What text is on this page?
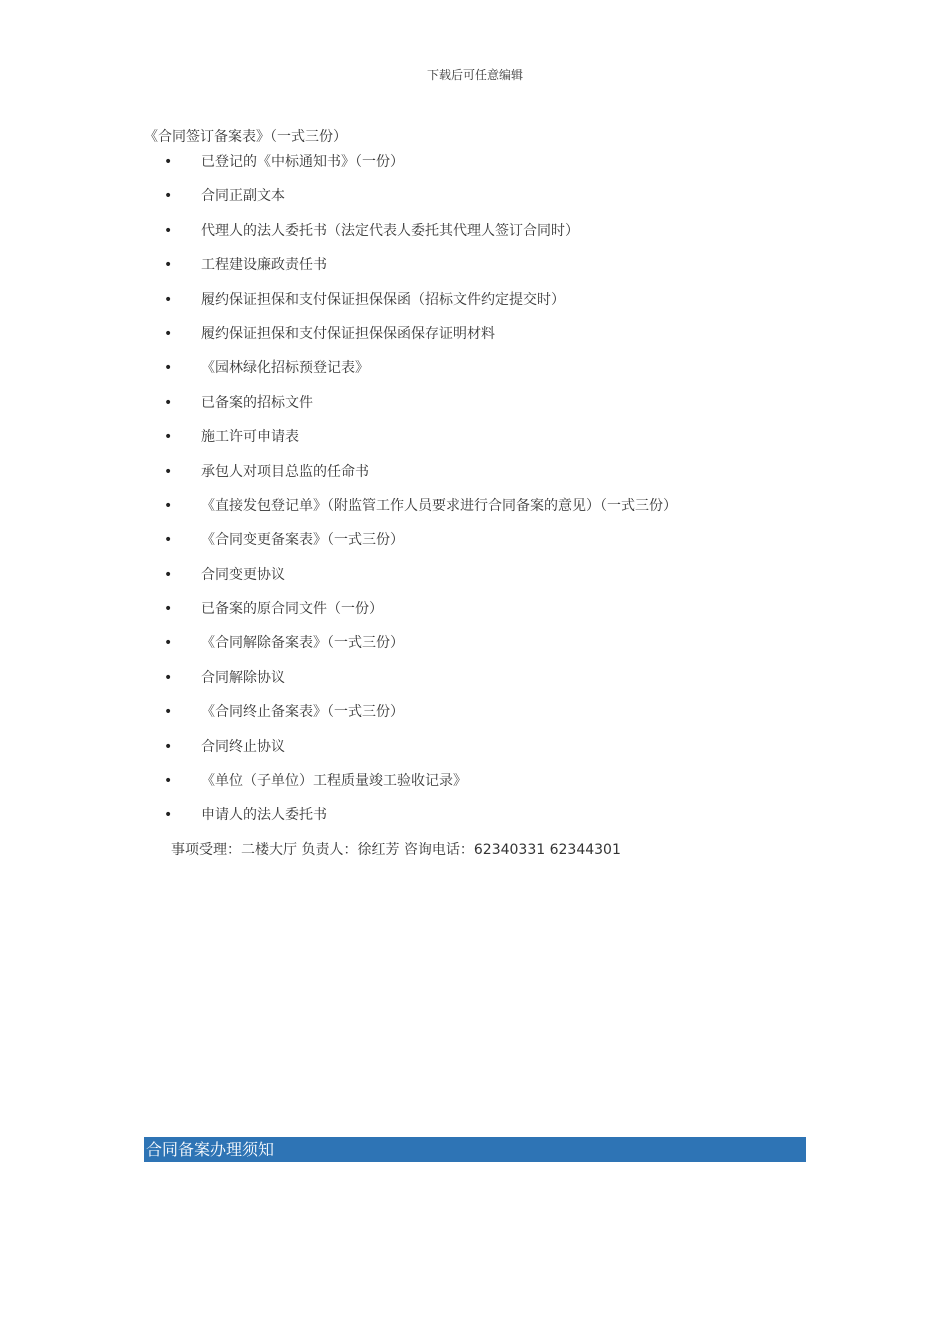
下载后可任意编辑
《合同签订备案表》（一式三份）
•	已登记的《中标通知书》（一份）
•	合同正副文本
•	代理人的法人委托书（法定代表人委托其代理人签订合同时）
•	工程建设廉政责任书
•	履约保证担保和支付保证担保保函（招标文件约定提交时）
•	履约保证担保和支付保证担保保函保存证明材料
•	《园林绿化招标预登记表》
•	已备案的招标文件
•	施工许可申请表
•	承包人对项目总监的任命书
•	《直接发包登记单》（附监管工作人员要求进行合同备案的意见）（一式三份）
•	《合同变更备案表》（一式三份）
•	合同变更协议
•	已备案的原合同文件（一份）
•	《合同解除备案表》（一式三份）
•	合同解除协议
•	《合同终止备案表》（一式三份）
•	合同终止协议
•	《单位（子单位）工程质量竣工验收记录》
•	申请人的法人委托书
事项受理：二楼大厅 负责人：徐红芳 咨询电话：62340331 62344301
合同备案办理须知
